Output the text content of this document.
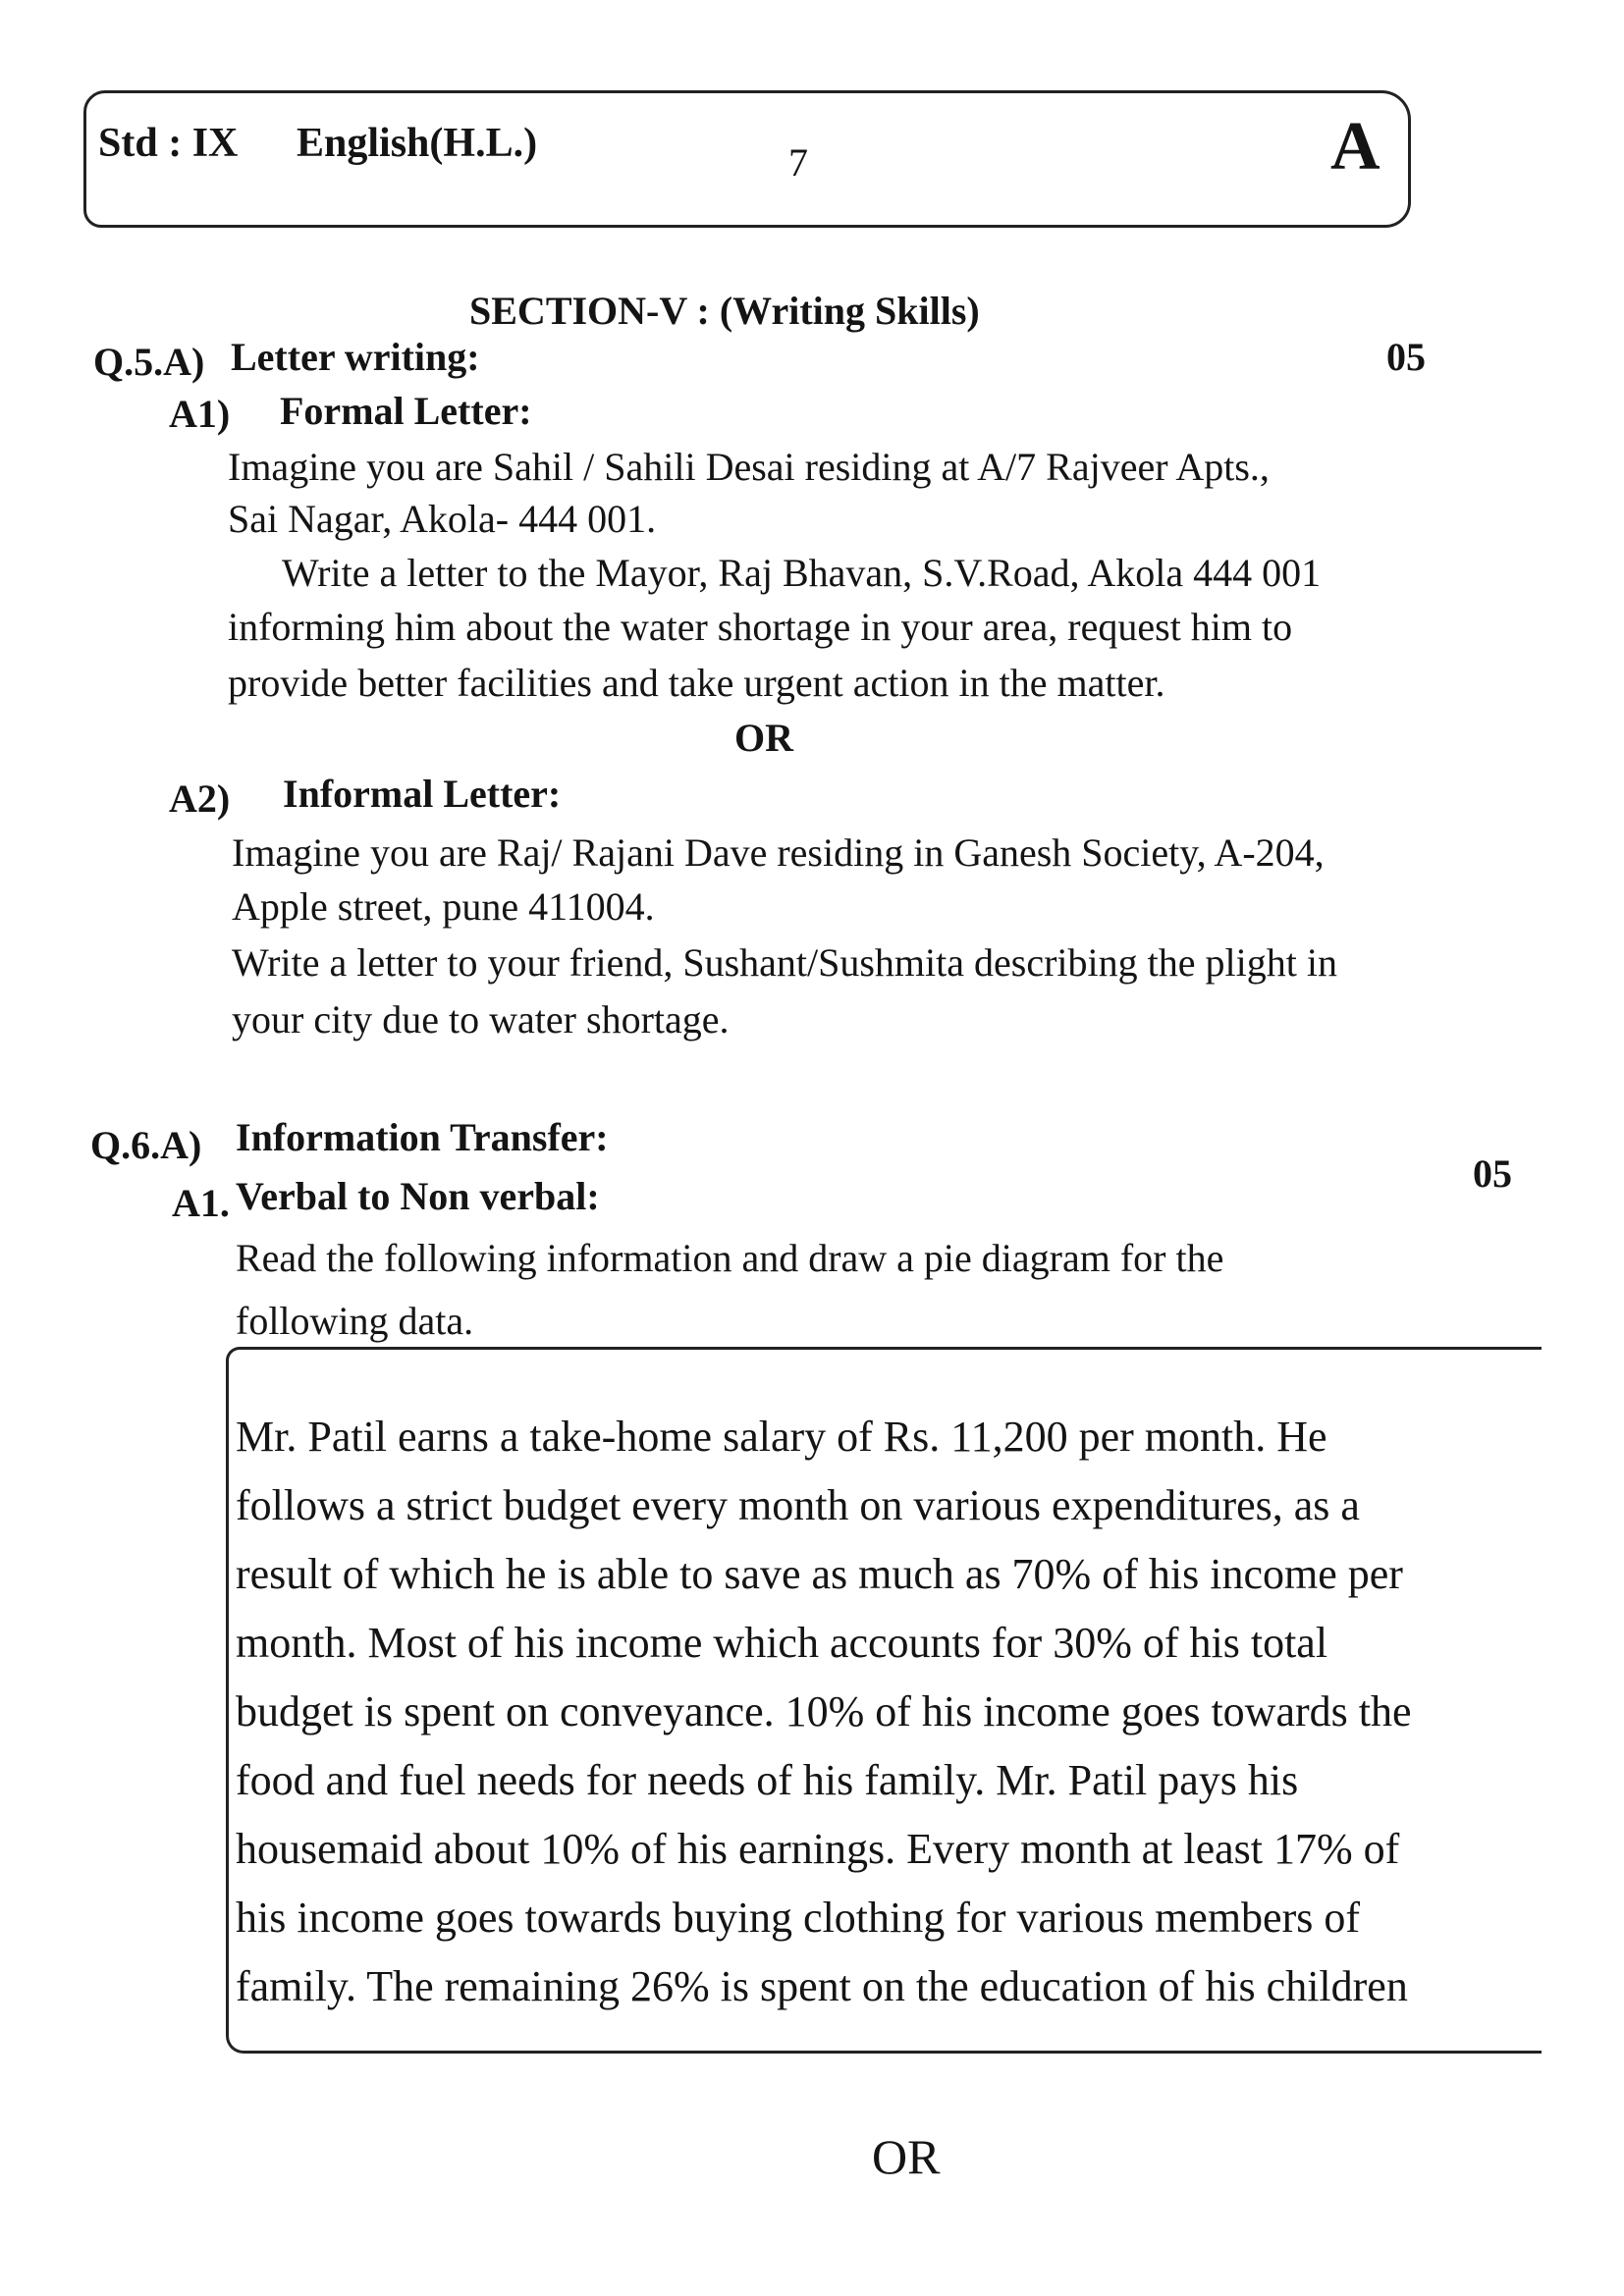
Std : IX English(H.L.)	7	A
SECTION-V : (Writing Skills)
Q.5.A) Letter writing:	05
A1) Formal Letter:
Imagine you are Sahil / Sahili Desai residing at A/7 Rajveer Apts.,
Sai Nagar, Akola- 444 001.
Write a letter to the Mayor, Raj Bhavan, S.V.Road, Akola 444 001
informing him about the water shortage in your area, request him to
provide better facilities and take urgent action in the matter.
OR
A2) Informal Letter:
Imagine you are Raj/ Rajani Dave residing in Ganesh Society, A-204,
Apple street, pune 411004.
Write a letter to your friend, Sushant/Sushmita describing the plight in
your city due to water shortage.
Q.6.A) Information Transfer:
05
A1. Verbal to Non verbal:
Read the following information and draw a pie diagram for the
following data.
Mr. Patil earns a take-home salary of Rs. 11,200 per month. He
follows a strict budget every month on various expenditures, as a
result of which he is able to save as much as 70% of his income per
month. Most of his income which accounts for 30% of his total
budget is spent on conveyance. 10% of his income goes towards the
food and fuel needs for needs of his family. Mr. Patil pays his
housemaid about 10% of his earnings. Every month at least 17% of
his income goes towards buying clothing for various members of
family. The remaining 26% is spent on the education of his children
OR
